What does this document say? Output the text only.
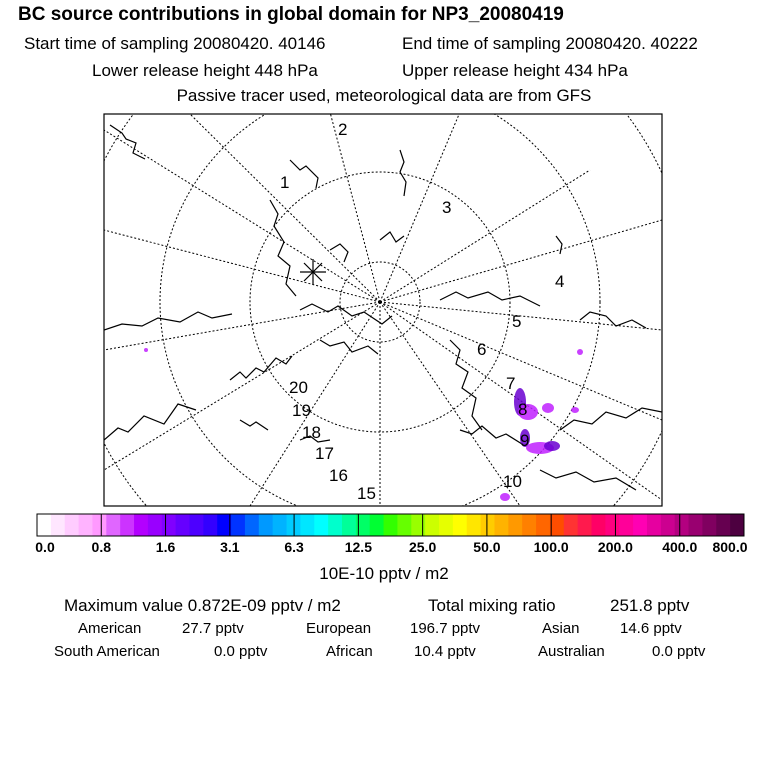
BC source contributions in global domain for NP3_20080419
Start time of sampling 20080420. 40146	End time of sampling 20080420. 40222
Lower release height 448 hPa	Upper release height 434 hPa
Passive tracer used, meteorological data are from GFS
1
2
3
4
5
6
7
8
9
10
15
16
17
18
19
20
0.0	0.8	1.6	3.1	6.3	12.5	25.0	50.0 100.0 200.0 400.0 800.0
10E-10 pptv / m2
Maximum value 0.872E-09 pptv / m2	Total mixing ratio	251.8 pptv
American	27.7 pptv	European	196.7 pptv	Asian	14.6 pptv
South American	0.0 pptv	African	10.4 pptv	Australian	0.0 pptv
